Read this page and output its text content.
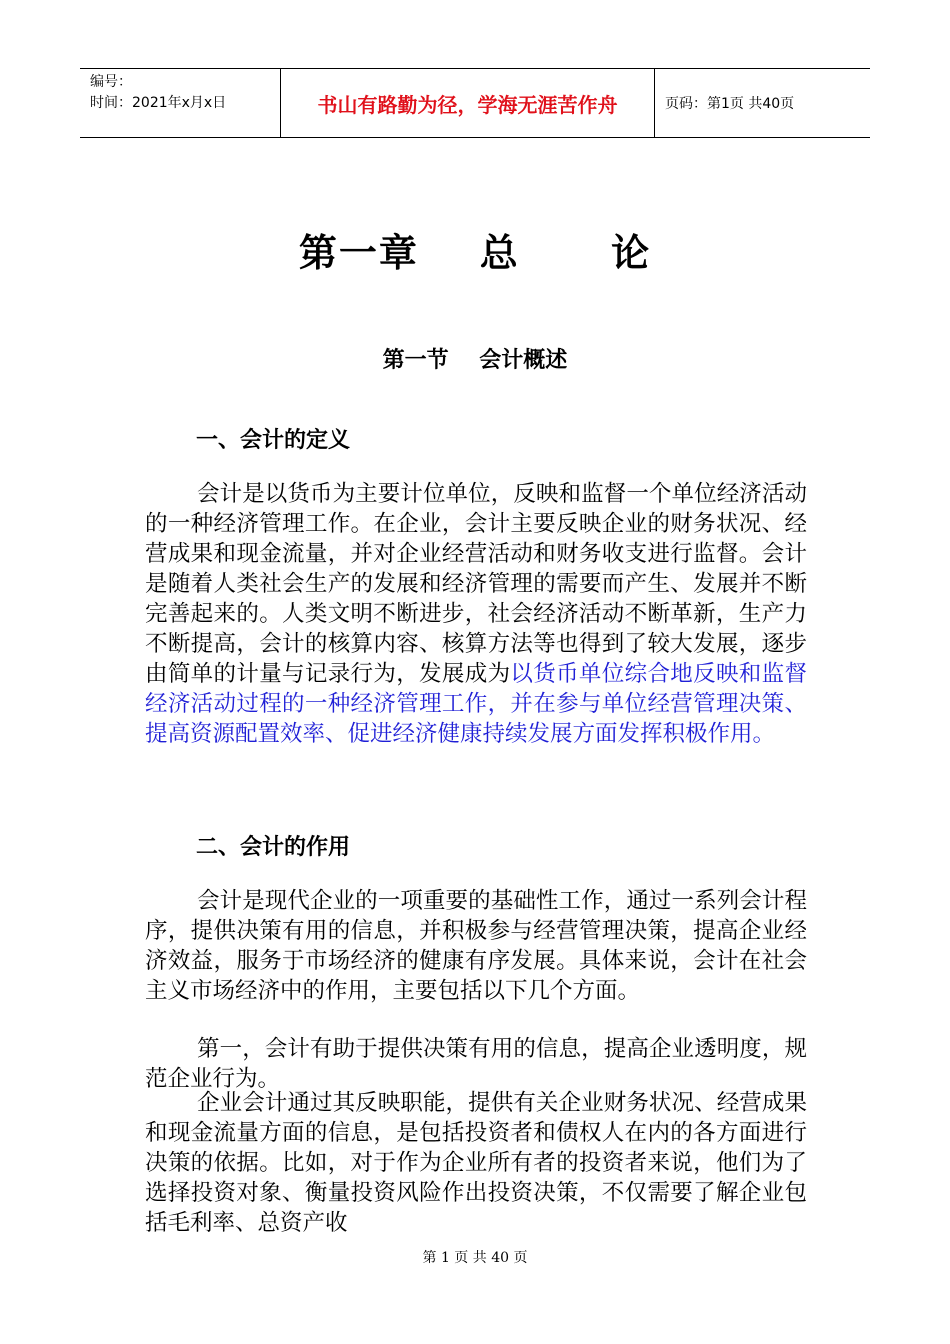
编号：
时间：2021年x月x日	书山有路勤为径，学海无涯苦作舟	页码：第1页 共40页
第一章    总      论
第一节    会计概述
一、会计的定义

会计是以货币为主要计位单位，反映和监督一个单位经济活动的一种经济管理工作。在企业，会计主要反映企业的财务状况、经营成果和现金流量，并对企业经营活动和财务收支进行监督。会计是随着人类社会生产的发展和经济管理的需要而产生、发展并不断完善起来的。人类文明不断进步，社会经济活动不断革新，生产力不断提高，会计的核算内容、核算方法等也得到了较大发展，逐步由简单的计量与记录行为，发展成为以货币单位综合地反映和监督经济活动过程的一种经济管理工作，并在参与单位经营管理决策、提高资源配置效率、促进经济健康持续发展方面发挥积极作用。

二、会计的作用

会计是现代企业的一项重要的基础性工作，通过一系列会计程序，提供决策有用的信息，并积极参与经营管理决策，提高企业经济效益，服务于市场经济的健康有序发展。具体来说，会计在社会主义市场经济中的作用，主要包括以下几个方面。

第一，会计有助于提供决策有用的信息，提高企业透明度，规范企业行为。

企业会计通过其反映职能，提供有关企业财务状况、经营成果和现金流量方面的信息，是包括投资者和债权人在内的各方面进行决策的依据。比如，对于作为企业所有者的投资者来说，他们为了选择投资对象、衡量投资风险作出投资决策，不仅需要了解企业包括毛利率、总资产收

第 1 页 共 40 页
